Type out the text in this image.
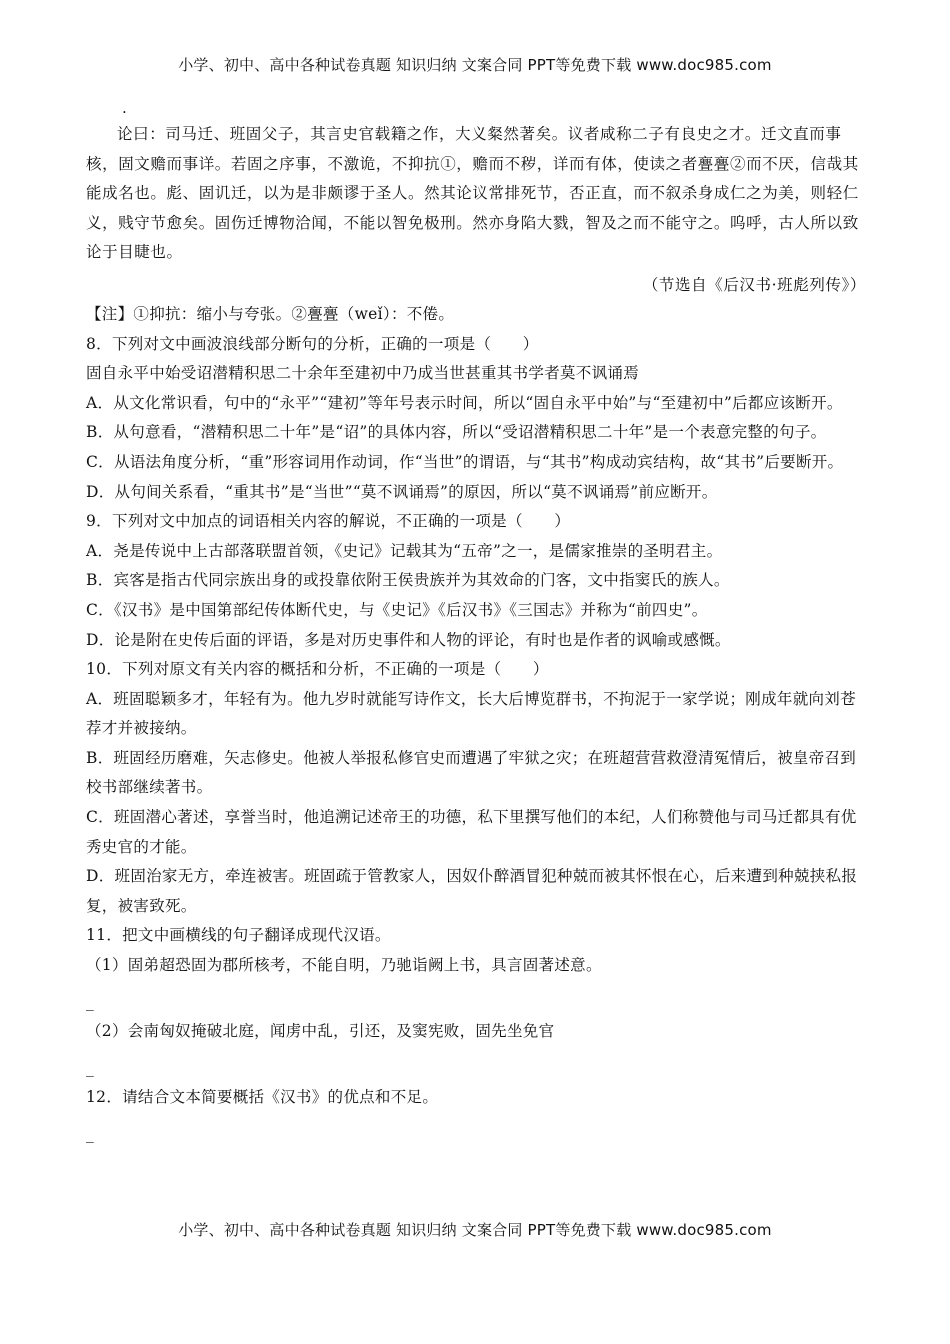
小学、初中、高中各种试卷真题 知识归纳 文案合同 PPT等免费下载 www.doc985.com
.

论曰：司马迁、班固父子，其言史官载籍之作，大义粲然著矣。议者咸称二子有良史之才。迁文直而事核，固文赡而事详。若固之序事，不激诡，不抑抗①，赡而不秽，详而有体，使读之者亹亹②而不厌，信哉其能成名也。彪、固讥迁，以为是非颇谬于圣人。然其论议常排死节，否正直，而不叙杀身成仁之为美，则轻仁义，贱守节愈矣。固伤迁博物洽闻，不能以智免极刑。然亦身陷大戮，智及之而不能守之。呜呼，古人所以致论于目睫也。

（节选自《后汉书·班彪列传》）

【注】①抑抗：缩小与夸张。②亹亹（weǐ）：不倦。

8．下列对文中画波浪线部分断句的分析，正确的一项是（　　）

固自永平中始受诏潜精积思二十余年至建初中乃成当世甚重其书学者莫不讽诵焉

A．从文化常识看，句中的“永平”“建初”等年号表示时间，所以“固自永平中始”与“至建初中”后都应该断开。

B．从句意看，“潜精积思二十年”是“诏”的具体内容，所以“受诏潜精积思二十年”是一个表意完整的句子。

C．从语法角度分析，“重”形容词用作动词，作“当世”的谓语，与“其书”构成动宾结构，故“其书”后要断开。

D．从句间关系看，“重其书”是“当世”“莫不讽诵焉”的原因，所以“莫不讽诵焉”前应断开。

9．下列对文中加点的词语相关内容的解说，不正确的一项是（　　）

A．尧是传说中上古部落联盟首领，《史记》记载其为“五帝”之一，是儒家推崇的圣明君主。

B．宾客是指古代同宗族出身的或投靠依附王侯贵族并为其效命的门客，文中指窦氏的族人。

C．《汉书》是中国第部纪传体断代史，与《史记》《后汉书》《三国志》并称为“前四史”。

D．论是附在史传后面的评语，多是对历史事件和人物的评论，有时也是作者的讽喻或感慨。

10．下列对原文有关内容的概括和分析，不正确的一项是（　　）

A．班固聪颖多才，年轻有为。他九岁时就能写诗作文，长大后博览群书，不拘泥于一家学说；刚成年就向刘苍荐才并被接纳。

B．班固经历磨难，矢志修史。他被人举报私修官史而遭遇了牢狱之灾；在班超营营救澄清冤情后，被皇帝召到校书部继续著书。

C．班固潜心著述，享誉当时，他追溯记述帝王的功德，私下里撰写他们的本纪，人们称赞他与司马迁都具有优秀史官的才能。

D．班固治家无方，牵连被害。班固疏于管教家人，因奴仆醉酒冒犯种兢而被其怀恨在心，后来遭到种兢挟私报复，被害致死。

11．把文中画横线的句子翻译成现代汉语。

（1）固弟超恐固为郡所核考，不能自明，乃驰诣阙上书，具言固著述意。

_

（2）会南匈奴掩破北庭，闻虏中乱，引还，及窦宪败，固先坐免官

_

12．请结合文本简要概括《汉书》的优点和不足。

_

小学、初中、高中各种试卷真题 知识归纳 文案合同 PPT等免费下载 www.doc985.com
